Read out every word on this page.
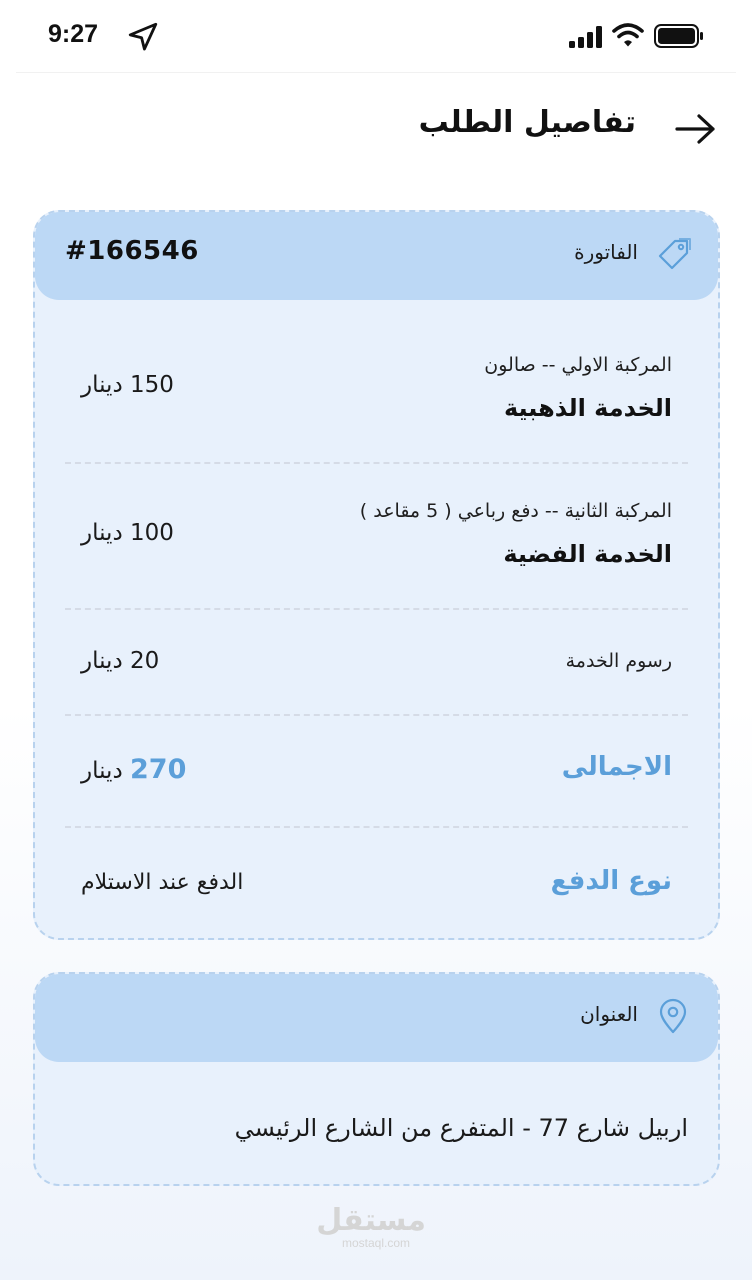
9:27
تفاصيل الطلب
الفاتورة
#166546
المركبة الاولي -- صالون
الخدمة الذهبية
150 دينار
المركبة الثانية -- دفع رباعي ( 5 مقاعد )
الخدمة الفضية
100 دينار
رسوم الخدمة
20 دينار
الاجمالى
270 دينار
نوع الدفع
الدفع عند الاستلام
العنوان
اربيل شارع 77 - المتفرع من الشارع الرئيسي
مستقل
mostaql.com
